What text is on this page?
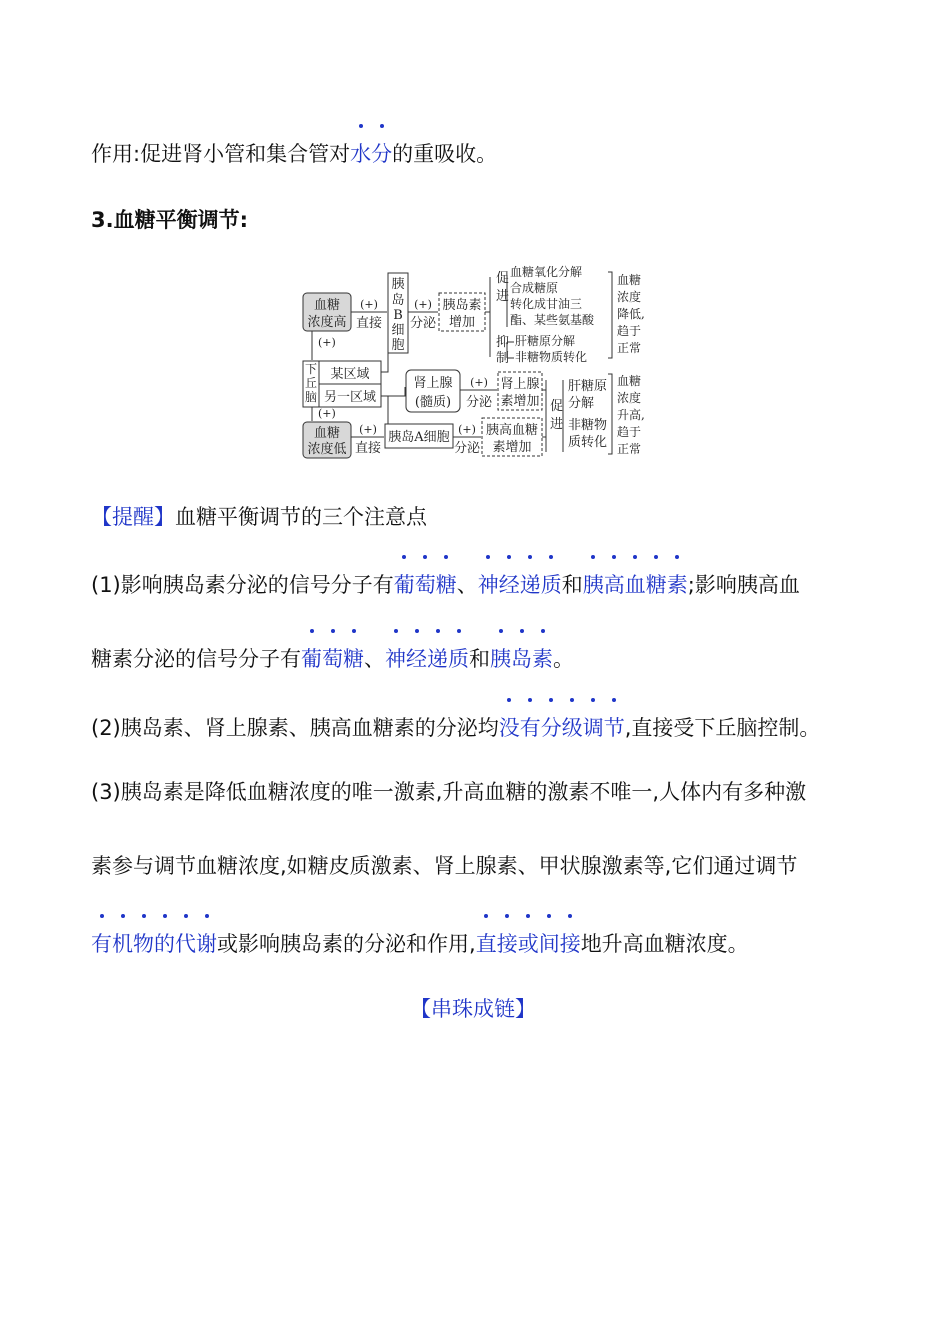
作用:促进肾小管和集合管对水分的重吸收。
3.血糖平衡调节:
血糖
浓度高
(+)
直接
胰
岛
B
细
胞
(+)
分泌
胰岛素
增加
促
进
抑
制
血糖氧化分解
合成糖原
转化成甘油三
酯、某些氨基酸
肝糖原分解
非糖物质转化
血糖
浓度
降低,
趋于
正常
(+)
下
丘
脑
某区域
另一区域
(+)
血糖
浓度低
(+)
直接
肾上腺
(髓质)
(+)
分泌
肾上腺
素增加
胰岛A细胞
(+)
分泌
胰高血糖
素增加
促
进
肝糖原
分解
非糖物
质转化
血糖
浓度
升高,
趋于
正常
【提醒】血糖平衡调节的三个注意点
(1)影响胰岛素分泌的信号分子有葡萄糖、神经递质和胰高血糖素;影响胰高血
糖素分泌的信号分子有葡萄糖、神经递质和胰岛素。
(2)胰岛素、肾上腺素、胰高血糖素的分泌均没有分级调节,直接受下丘脑控制。
(3)胰岛素是降低血糖浓度的唯一激素,升高血糖的激素不唯一,人体内有多种激
素参与调节血糖浓度,如糖皮质激素、肾上腺素、甲状腺激素等,它们通过调节
有机物的代谢或影响胰岛素的分泌和作用,直接或间接地升高血糖浓度。
【串珠成链】
